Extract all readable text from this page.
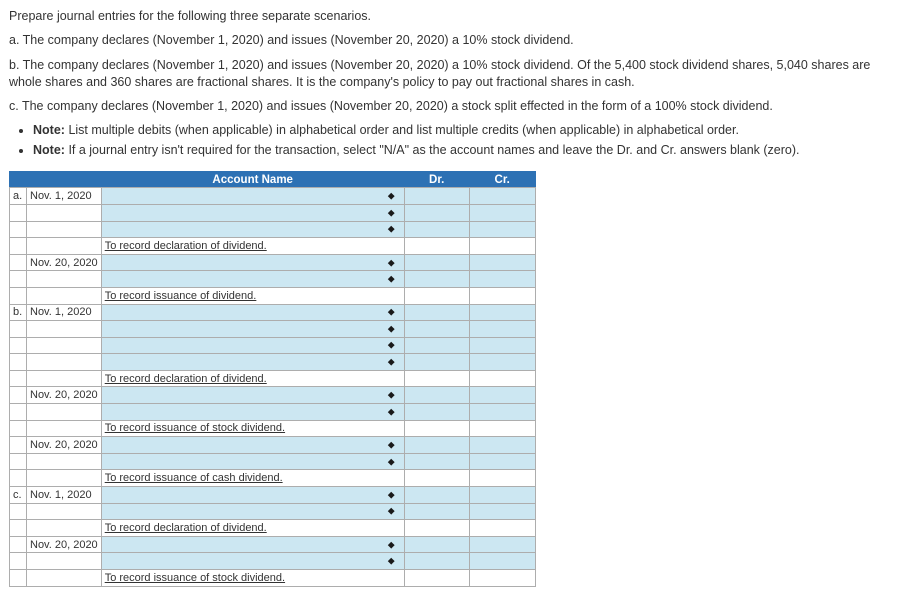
Prepare journal entries for the following three separate scenarios.

a. The company declares (November 1, 2020) and issues (November 20, 2020) a 10% stock dividend.

b. The company declares (November 1, 2020) and issues (November 20, 2020) a 10% stock dividend. Of the 5,400 stock dividend shares, 5,040 shares are whole shares and 360 shares are fractional shares. It is the company's policy to pay out fractional shares in cash.

c. The company declares (November 1, 2020) and issues (November 20, 2020) a stock split effected in the form of a 100% stock dividend.

• Note: List multiple debits (when applicable) in alphabetical order and list multiple credits (when applicable) in alphabetical order.
• Note: If a journal entry isn't required for the transaction, select "N/A" as the account names and leave the Dr. and Cr. answers blank (zero).
		Account Name	Dr.	Cr.
a.	Nov. 1, 2020	◆		

		◆		

		◆		

		To record declaration of dividend.		
	Nov. 20, 2020	◆		

		◆		

		To record issuance of dividend.		
b.	Nov. 1, 2020	◆		

		◆		

		◆		

		◆		

		To record declaration of dividend.		
	Nov. 20, 2020	◆		

		◆		

		To record issuance of stock dividend.		
	Nov. 20, 2020	◆		

		◆		

		To record issuance of cash dividend.		
c.	Nov. 1, 2020	◆		

		◆		

		To record declaration of dividend.		
	Nov. 20, 2020	◆		

		◆		

		To record issuance of stock dividend.		
